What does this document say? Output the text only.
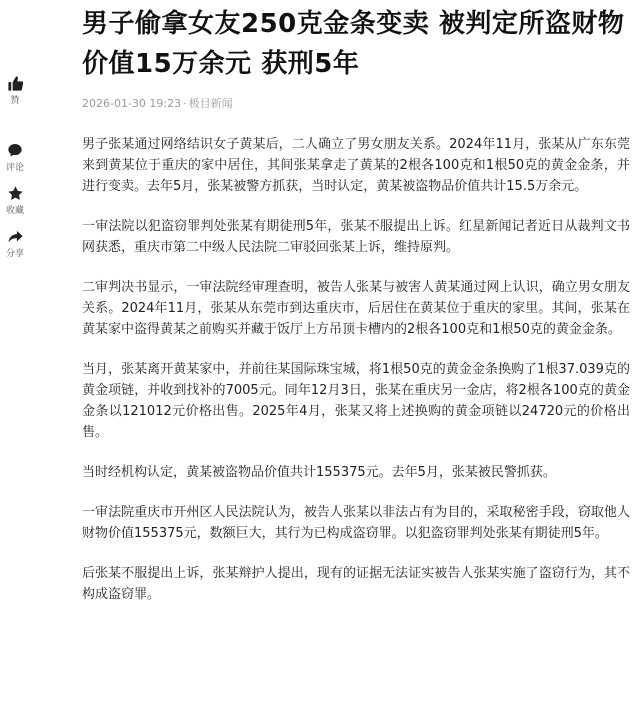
赞
评论
收藏
分享
男子偷拿女友250克金条变卖 被判定所盗财物价值15万余元 获刑5年
2026-01-30 19:23 · 极目新闻

男子张某通过网络结识女子黄某后，二人确立了男女朋友关系。2024年11月，张某从广东东莞来到黄某位于重庆的家中居住，其间张某拿走了黄某的2根各100克和1根50克的黄金金条，并进行变卖。去年5月，张某被警方抓获，当时认定，黄某被盗物品价值共计15.5万余元。

一审法院以犯盗窃罪判处张某有期徒刑5年，张某不服提出上诉。红星新闻记者近日从裁判文书网获悉，重庆市第二中级人民法院二审驳回张某上诉，维持原判。

二审判决书显示，一审法院经审理查明，被告人张某与被害人黄某通过网上认识，确立男女朋友关系。2024年11月，张某从东莞市到达重庆市，后居住在黄某位于重庆的家里。其间，张某在黄某家中盗得黄某之前购买并藏于饭厅上方吊顶卡槽内的2根各100克和1根50克的黄金金条。

当月，张某离开黄某家中，并前往某国际珠宝城，将1根50克的黄金金条换购了1根37.039克的黄金项链，并收到找补的7005元。同年12月3日，张某在重庆另一金店，将2根各100克的黄金金条以121012元价格出售。2025年4月，张某又将上述换购的黄金项链以24720元的价格出售。

当时经机构认定，黄某被盗物品价值共计155375元。去年5月，张某被民警抓获。

一审法院重庆市开州区人民法院认为，被告人张某以非法占有为目的，采取秘密手段，窃取他人财物价值155375元，数额巨大，其行为已构成盗窃罪。以犯盗窃罪判处张某有期徒刑5年。

后张某不服提出上诉，张某辩护人提出，现有的证据无法证实被告人张某实施了盗窃行为，其不构成盗窃罪。
